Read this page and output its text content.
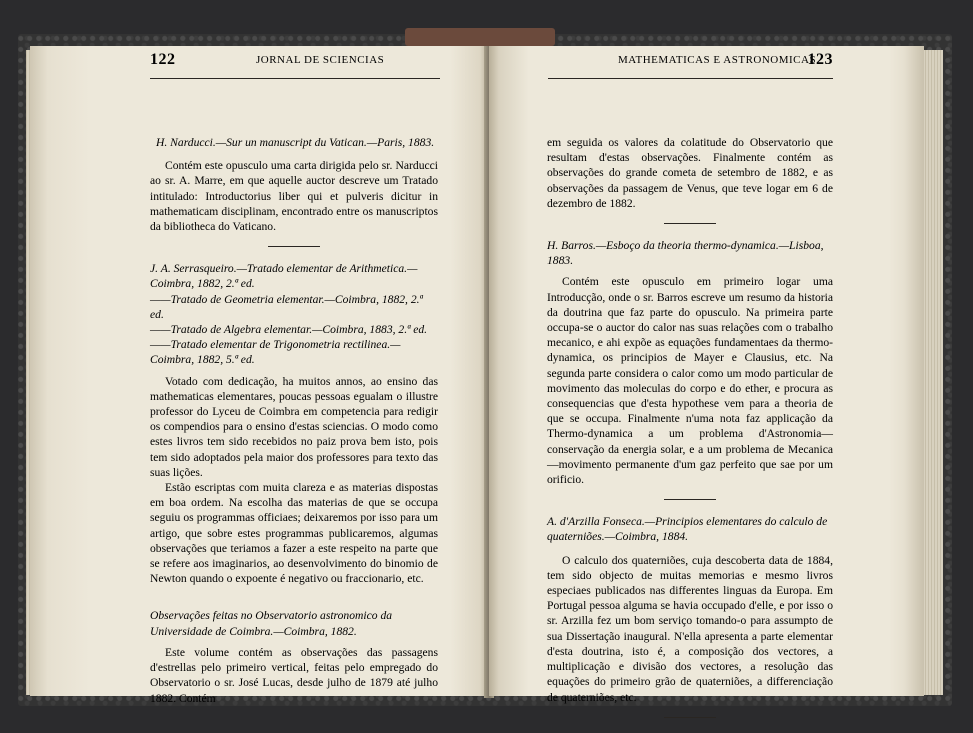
122	JORNAL DE SCIENCIAS

H. Narducci.—Sur un manuscript du Vatican.—Paris, 1883.

Contém este opusculo uma carta dirigida pelo sr. Narducci ao sr. A. Marre, em que aquelle auctor descreve um Tratado intitulado: Introductorius liber qui et pulveris dicitur in mathematicam disciplinam, encontrado entre os manuscriptos da bibliotheca do Vaticano.

J. A. Serrasqueiro.—Tratado elementar de Arithmetica.—Coimbra, 1882, 2.ª ed.

——Tratado de Geometria elementar.—Coimbra, 1882, 2.ª ed.

——Tratado de Algebra elementar.—Coimbra, 1883, 2.ª ed.

——Tratado elementar de Trigonometria rectilinea.—Coimbra, 1882, 5.ª ed.

Votado com dedicação, ha muitos annos, ao ensino das mathematicas elementares, poucas pessoas egualam o illustre professor do Lyceu de Coimbra em competencia para redigir os compendios para o ensino d'estas sciencias. O modo como estes livros tem sido recebidos no paiz prova bem isto, pois tem sido adoptados pela maior dos professores para texto das suas lições.

Estão escriptas com muita clareza e as materias dispostas em boa ordem. Na escolha das materias de que se occupa seguiu os programmas officiaes; deixaremos por isso para um artigo, que sobre estes programmas publicaremos, algumas observações que teriamos a fazer a este respeito na parte que se refere aos imaginarios, ao desenvolvimento do binomio de Newton quando o expoente é negativo ou fraccionario, etc.

Observações feitas no Observatorio astronomico da Universidade de Coimbra.—Coimbra, 1882.

Este volume contém as observações das passagens d'estrellas pelo primeiro vertical, feitas pelo empregado do Observatorio o sr. José Lucas, desde julho de 1879 até julho 1882. Contém

MATHEMATICAS E ASTRONOMICAS
123

em seguida os valores da colatitude do Observatorio que resultam d'estas observações. Finalmente contém as observações do grande cometa de setembro de 1882, e as observações da passagem de Venus, que teve logar em 6 de dezembro de 1882.

H. Barros.—Esboço da theoria thermo-dynamica.—Lisboa, 1883.

Contém este opusculo em primeiro logar uma Introducção, onde o sr. Barros escreve um resumo da historia da doutrina que faz parte do opusculo. Na primeira parte occupa-se o auctor do calor nas suas relações com o trabalho mecanico, e ahi expõe as equações fundamentaes da thermo-dynamica, os principios de Mayer e Clausius, etc. Na segunda parte considera o calor como um modo particular de movimento das moleculas do corpo e do ether, e procura as consequencias que d'esta hypothese vem para a theoria de que se occupa. Finalmente n'uma nota faz applicação da Thermo-dynamica a um problema d'Astronomia—conservação da energia solar, e a um problema de Mecanica—movimento permanente d'um gaz perfeito que sae por um orificio.

A. d'Arzilla Fonseca.—Principios elementares do calculo de quaterniões.—Coimbra, 1884.

O calculo dos quaterniões, cuja descoberta data de 1884, tem sido objecto de muitas memorias e mesmo livros especiaes publicados nas differentes linguas da Europa. Em Portugal pessoa alguma se havia occupado d'elle, e por isso o sr. Arzilla fez um bom serviço tomando-o para assumpto de sua Dissertação inaugural. N'ella apresenta a parte elementar d'esta doutrina, isto é, a composição dos vectores, a multiplicação e divisão dos vectores, a resolução das equações do primeiro grão de quaterniões, a differenciação de quaterniões, etc.
